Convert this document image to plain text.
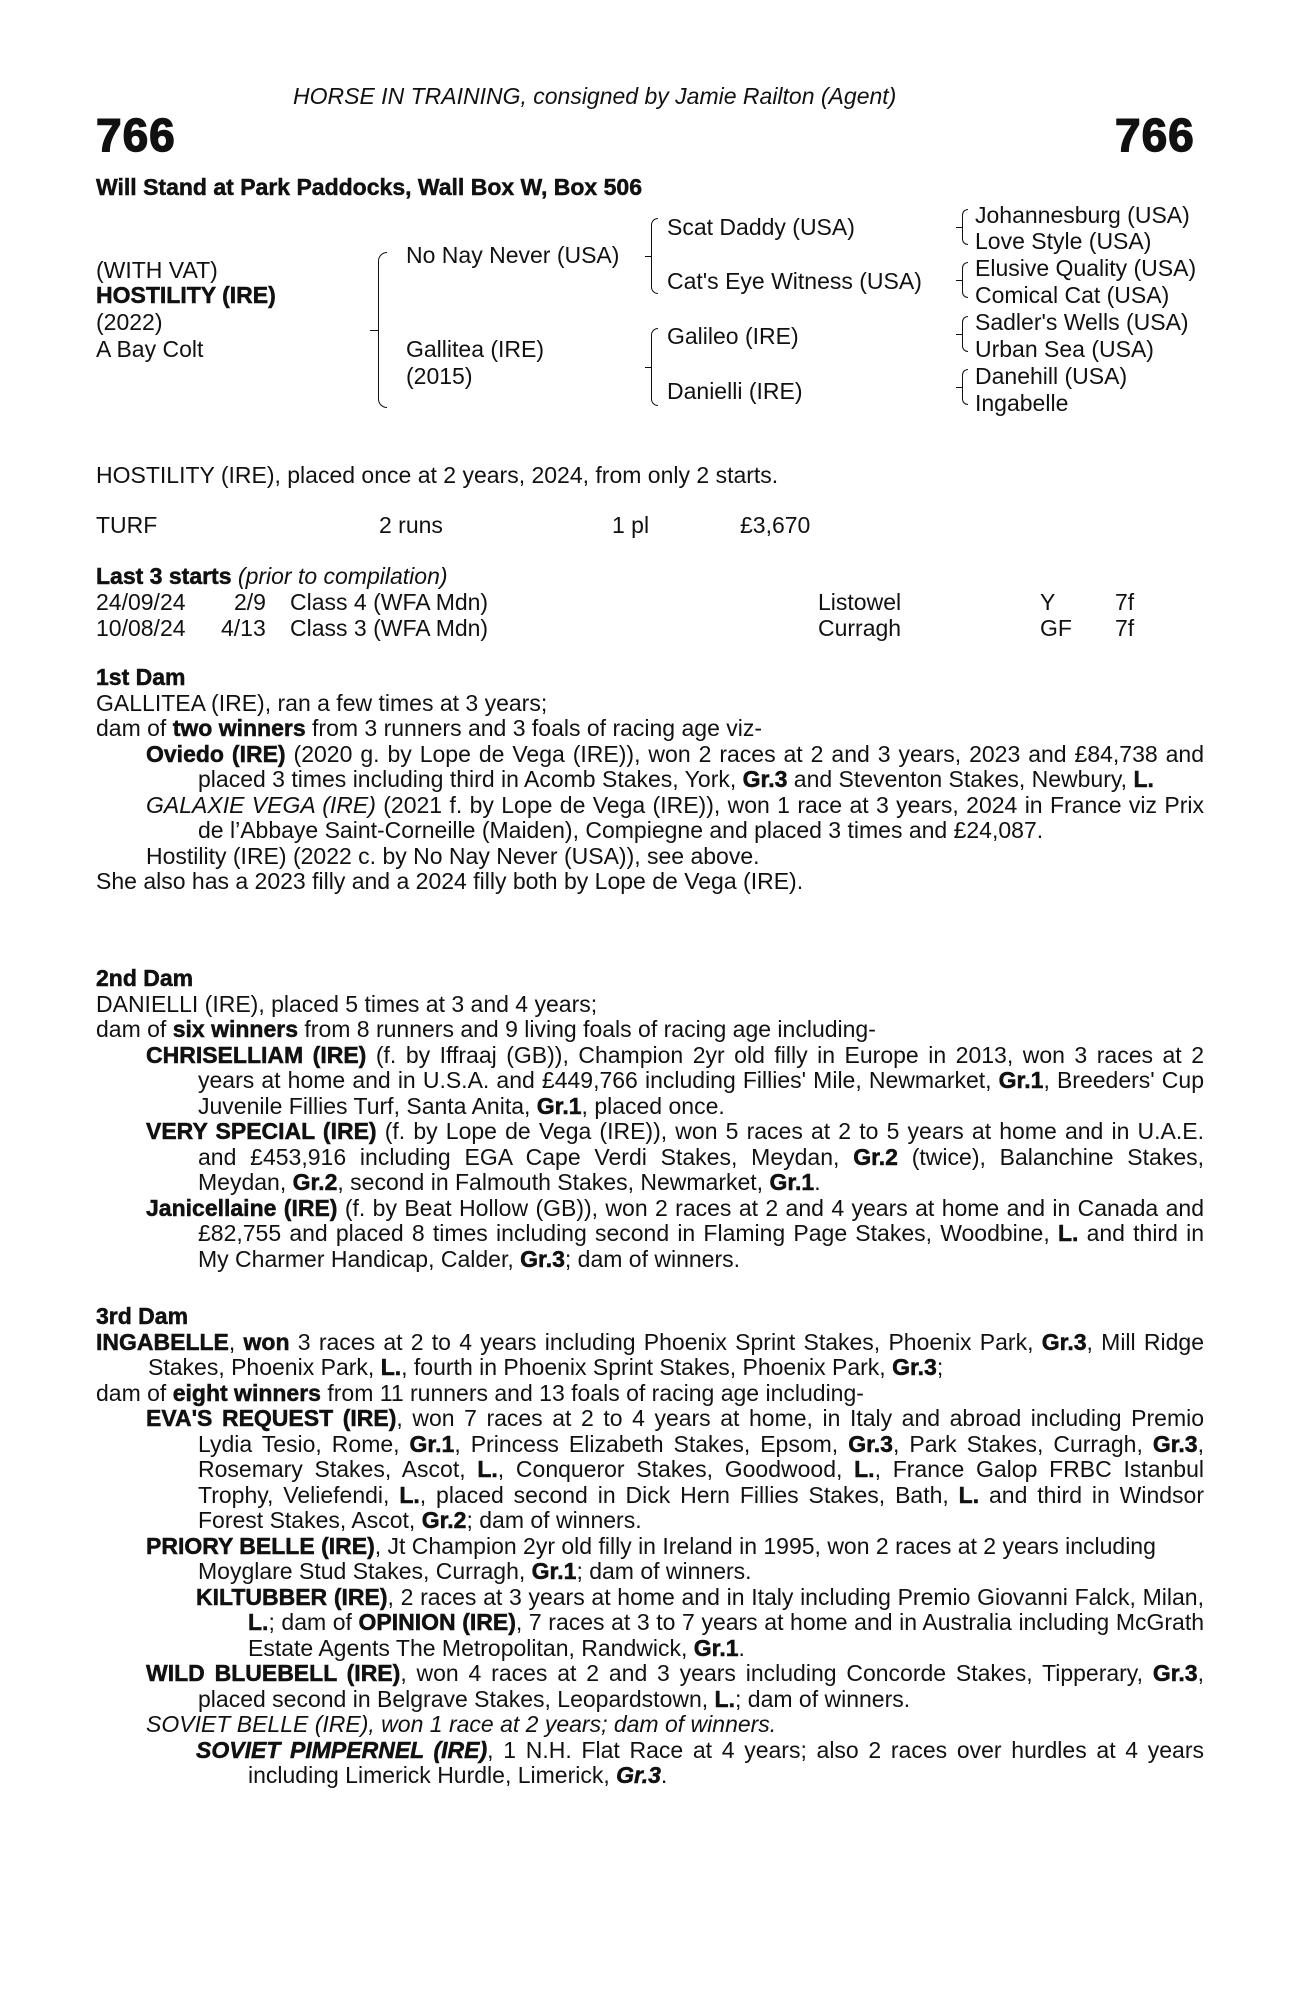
HORSE IN TRAINING, consigned by Jamie Railton (Agent)
766	766
Will Stand at Park Paddocks, Wall Box W, Box 506
(WITH VAT)
HOSTILITY (IRE)
(2022)
A Bay Colt
No Nay Never (USA)
Gallitea (IRE)
(2015)
Scat Daddy (USA)
Cat's Eye Witness (USA)
Galileo (IRE)
Danielli (IRE)
Johannesburg (USA)
Love Style (USA)
Elusive Quality (USA)
Comical Cat (USA)
Sadler's Wells (USA)
Urban Sea (USA)
Danehill (USA)
Ingabelle
HOSTILITY (IRE), placed once at 2 years, 2024, from only 2 starts.
TURF	2 runs	1 pl	£3,670
Last 3 starts (prior to compilation)
24/09/24 2/9 Class 4 (WFA Mdn)	Listowel	Y	7f
10/08/24 4/13 Class 3 (WFA Mdn)	Curragh	GF 7f

1st Dam

GALLITEA (IRE), ran a few times at 3 years;

dam of two winners from 3 runners and 3 foals of racing age viz-

Oviedo (IRE) (2020 g. by Lope de Vega (IRE)), won 2 races at 2 and 3 years, 2023 and £84,738 and placed 3 times including third in Acomb Stakes, York, Gr.3 and Steventon Stakes, Newbury, L.

GALAXIE VEGA (IRE) (2021 f. by Lope de Vega (IRE)), won 1 race at 3 years, 2024 in France viz Prix de l’Abbaye Saint-Corneille (Maiden), Compiegne and placed 3 times and £24,087.

Hostility (IRE) (2022 c. by No Nay Never (USA)), see above.

She also has a 2023 filly and a 2024 filly both by Lope de Vega (IRE).

2nd Dam

DANIELLI (IRE), placed 5 times at 3 and 4 years;

dam of six winners from 8 runners and 9 living foals of racing age including-

CHRISELLIAM (IRE) (f. by Iffraaj (GB)), Champion 2yr old filly in Europe in 2013, won 3 races at 2 years at home and in U.S.A. and £449,766 including Fillies' Mile, Newmarket, Gr.1, Breeders' Cup Juvenile Fillies Turf, Santa Anita, Gr.1, placed once.

VERY SPECIAL (IRE) (f. by Lope de Vega (IRE)), won 5 races at 2 to 5 years at home and in U.A.E. and £453,916 including EGA Cape Verdi Stakes, Meydan, Gr.2 (twice), Balanchine Stakes, Meydan, Gr.2, second in Falmouth Stakes, Newmarket, Gr.1.

Janicellaine (IRE) (f. by Beat Hollow (GB)), won 2 races at 2 and 4 years at home and in Canada and £82,755 and placed 8 times including second in Flaming Page Stakes, Woodbine, L. and third in My Charmer Handicap, Calder, Gr.3; dam of winners.

3rd Dam

INGABELLE, won 3 races at 2 to 4 years including Phoenix Sprint Stakes, Phoenix Park, Gr.3, Mill Ridge Stakes, Phoenix Park, L., fourth in Phoenix Sprint Stakes, Phoenix Park, Gr.3;

dam of eight winners from 11 runners and 13 foals of racing age including-

EVA'S REQUEST (IRE), won 7 races at 2 to 4 years at home, in Italy and abroad including Premio Lydia Tesio, Rome, Gr.1, Princess Elizabeth Stakes, Epsom, Gr.3, Park Stakes, Curragh, Gr.3, Rosemary Stakes, Ascot, L., Conqueror Stakes, Goodwood, L., France Galop FRBC Istanbul Trophy, Veliefendi, L., placed second in Dick Hern Fillies Stakes, Bath, L. and third in Windsor Forest Stakes, Ascot, Gr.2; dam of winners.

PRIORY BELLE (IRE), Jt Champion 2yr old filly in Ireland in 1995, won 2 races at 2 years including Moyglare Stud Stakes, Curragh, Gr.1; dam of winners.

KILTUBBER (IRE), 2 races at 3 years at home and in Italy including Premio Giovanni Falck, Milan, L.; dam of OPINION (IRE), 7 races at 3 to 7 years at home and in Australia including McGrath Estate Agents The Metropolitan, Randwick, Gr.1.

WILD BLUEBELL (IRE), won 4 races at 2 and 3 years including Concorde Stakes, Tipperary, Gr.3, placed second in Belgrave Stakes, Leopardstown, L.; dam of winners.

SOVIET BELLE (IRE), won 1 race at 2 years; dam of winners.

SOVIET PIMPERNEL (IRE), 1 N.H. Flat Race at 4 years; also 2 races over hurdles at 4 years including Limerick Hurdle, Limerick, Gr.3.
